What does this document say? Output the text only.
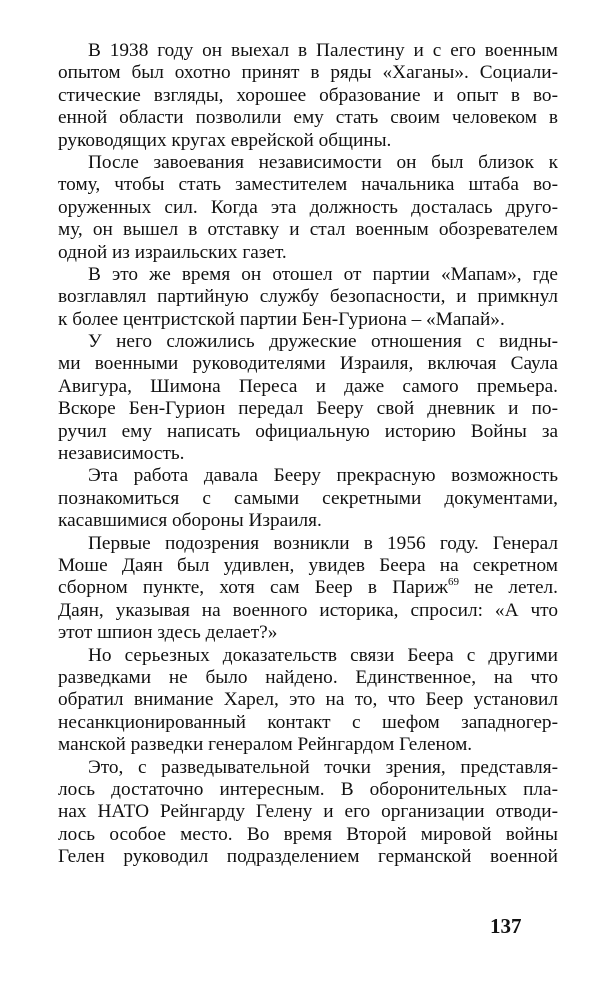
В 1938 году он выехал в Палестину и с его военным
опытом был охотно принят в ряды «Хаганы». Социали-
стические взгляды, хорошее образование и опыт в во-
енной области позволили ему стать своим человеком в
руководящих кругах еврейской общины.
После завоевания независимости он был близок к
тому, чтобы стать заместителем начальника штаба во-
оруженных сил. Когда эта должность досталась друго-
му, он вышел в отставку и стал военным обозревателем
одной из израильских газет.
В это же время он отошел от партии «Мапам», где
возглавлял партийную службу безопасности, и примкнул
к более центристской партии Бен-Гуриона – «Мапай».
У него сложились дружеские отношения с видны-
ми военными руководителями Израиля, включая Саула
Авигура, Шимона Переса и даже самого премьера.
Вскоре Бен-Гурион передал Бееру свой дневник и по-
ручил ему написать официальную историю Войны за
независимость.
Эта работа давала Бееру прекрасную возможность
познакомиться с самыми секретными документами,
касавшимися обороны Израиля.
Первые подозрения возникли в 1956 году. Генерал
Моше Даян был удивлен, увидев Беера на секретном
сборном пункте, хотя сам Беер в Париж$^{69}$ не летел.
Даян, указывая на военного историка, спросил: «А что
этот шпион здесь делает?»
Но серьезных доказательств связи Беера с другими
разведками не было найдено. Единственное, на что
обратил внимание Харел, это на то, что Беер установил
несанкционированный контакт с шефом западногер-
манской разведки генералом Рейнгардом Геленом.
Это, с разведывательной точки зрения, представля-
лось достаточно интересным. В оборонительных пла-
нах НАТО Рейнгарду Гелену и его организации отводи-
лось особое место. Во время Второй мировой войны
Гелен руководил подразделением германской военной
137
